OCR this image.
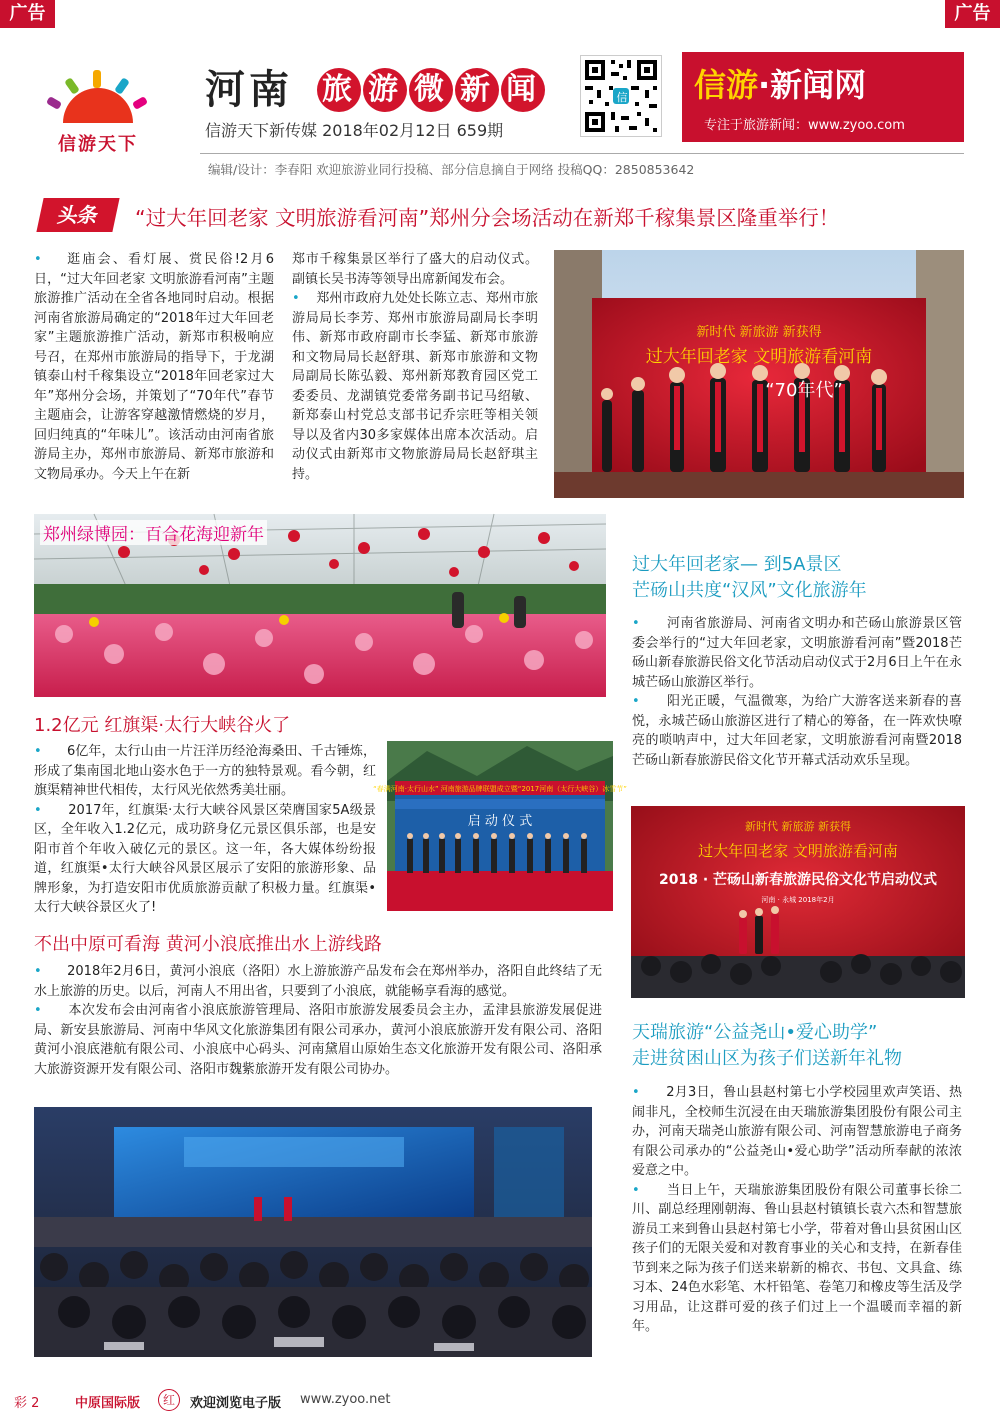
广告	广告
信游天下
河南 旅 游 微 新 闻
信游天下新传媒 2018年02月12日 659期
信 信游·新闻网
专注于旅游新闻：www.zyoo.com
编辑/设计：李春阳 欢迎旅游业同行投稿、部分信息摘自于网络 投稿QQ：2850853642
头条	“过大年回老家 文明旅游看河南”郑州分会场活动在新郑千稼集景区隆重举行！

• 逛庙会、看灯展、赏民俗!2月6日，“过大年回老家 文明旅游看河南”主题旅游推广活动在全省各地同时启动。根据河南省旅游局确定的“2018年过大年回老家”主题旅游推广活动，新郑市积极响应号召，在郑州市旅游局的指导下，于龙湖镇泰山村千稼集设立“2018年回老家过大年”郑州分会场，并策划了“70年代”春节主题庙会，让游客穿越激情燃烧的岁月，回归纯真的“年味儿”。该活动由河南省旅游局主办，郑州市旅游局、新郑市旅游和文物局承办。今天上午在新

郑市千稼集景区举行了盛大的启动仪式。副镇长吴书涛等领导出席新闻发布会。

• 郑州市政府九处处长陈立志、郑州市旅游局局长李芳、郑州市旅游局副局长李明伟、新郑市政府副市长李猛、新郑市旅游和文物局局长赵舒琪、新郑市旅游和文物局副局长陈弘毅、郑州新郑教育园区党工委委员、龙湖镇党委常务副书记马绍敏、新郑泰山村党总支部书记乔宗旺等相关领导以及省内30多家媒体出席本次活动。启动仪式由新郑市文物旅游局局长赵舒琪主持。

新时代 新旅游 新获得
过大年回老家 文明旅游看河南
“70年代”
郑州绿博园：百合花海迎新年
1.2亿元 红旗渠·太行大峡谷火了

• 6亿年，太行山由一片汪洋历经沧海桑田、千古锤炼，形成了集南国北地山姿水色于一方的独特景观。看今朝，红旗渠精神世代相传，太行风光依然秀美壮丽。

• 2017年，红旗渠·太行大峡谷风景区荣膺国家5A级景区，全年收入1.2亿元，成功跻身亿元景区俱乐部，也是安阳市首个年收入破亿元的景区。这一年，各大媒体纷纷报道，红旗渠•太行大峡谷风景区展示了安阳的旅游形象、品牌形象，为打造安阳市优质旅游贡献了积极力量。红旗渠•太行大峡谷景区火了!

“春满河南·太行山水” 河南旅游品牌联盟成立暨“2017河南（太行大峡谷）冰雪节”
启 动 仪 式
不出中原可看海 黄河小浪底推出水上游线路

• 2018年2月6日，黄河小浪底（洛阳）水上游旅游产品发布会在郑州举办，洛阳自此终结了无水上旅游的历史。以后，河南人不用出省，只要到了小浪底，就能畅享看海的感觉。

• 本次发布会由河南省小浪底旅游管理局、洛阳市旅游发展委员会主办，孟津县旅游发展促进局、新安县旅游局、河南中华风文化旅游集团有限公司承办，黄河小浪底旅游开发有限公司、洛阳黄河小浪底港航有限公司、小浪底中心码头、河南黛眉山原始生态文化旅游开发有限公司、洛阳承大旅游资源开发有限公司、洛阳市魏紫旅游开发有限公司协办。

过大年回老家— 到5A景区
芒砀山共度“汉风”文化旅游年

• 河南省旅游局、河南省文明办和芒砀山旅游景区管委会举行的“过大年回老家，文明旅游看河南”暨2018芒砀山新春旅游民俗文化节活动启动仪式于2月6日上午在永城芒砀山旅游区举行。

• 阳光正暖，气温微寒，为给广大游客送来新春的喜悦，永城芒砀山旅游区进行了精心的筹备，在一阵欢快嘹亮的唢呐声中，过大年回老家，文明旅游看河南暨2018芒砀山新春旅游民俗文化节开幕式活动欢乐呈现。

新时代 新旅游 新获得
过大年回老家 文明旅游看河南
2018 · 芒砀山新春旅游民俗文化节启动仪式
河南 · 永城 2018年2月
天瑞旅游“公益尧山•爱心助学”
走进贫困山区为孩子们送新年礼物

• 2月3日，鲁山县赵村第七小学校园里欢声笑语、热闹非凡，全校师生沉浸在由天瑞旅游集团股份有限公司主办，河南天瑞尧山旅游有限公司、河南智慧旅游电子商务有限公司承办的“公益尧山•爱心助学”活动所奉献的浓浓爱意之中。

• 当日上午，天瑞旅游集团股份有限公司董事长徐二川、副总经理刚朝海、鲁山县赵村镇镇长袁六杰和智慧旅游员工来到鲁山县赵村第七小学，带着对鲁山县贫困山区孩子们的无限关爱和对教育事业的关心和支持，在新春佳节到来之际为孩子们送来崭新的棉衣、书包、文具盒、练习本、24色水彩笔、木杆铅笔、卷笔刀和橡皮等生活及学习用品，让这群可爱的孩子们过上一个温暖而幸福的新年。

彩 2	中原国际版	红	欢迎浏览电子版 www.zyoo.net
